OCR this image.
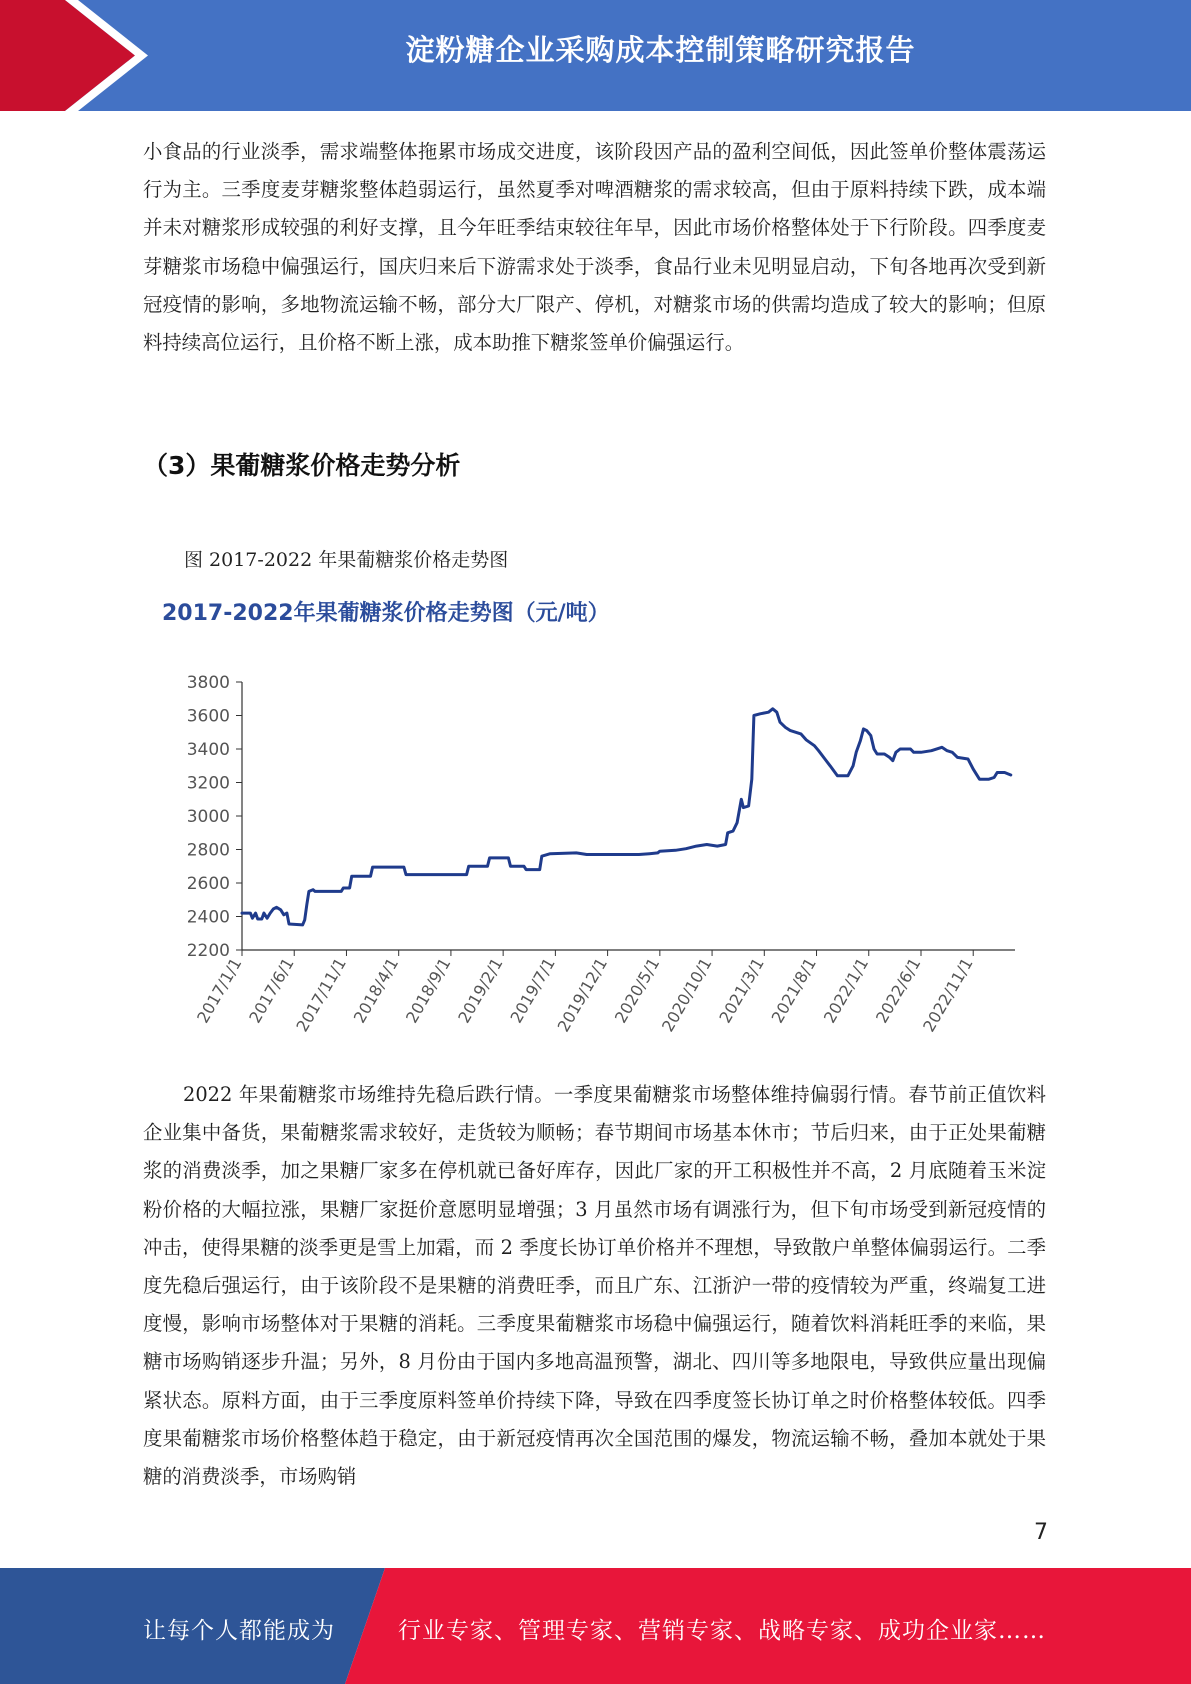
淀粉糖企业采购成本控制策略研究报告

小食品的行业淡季，需求端整体拖累市场成交进度，该阶段因产品的盈利空间低，因此签单价整体震荡运行为主。三季度麦芽糖浆整体趋弱运行，虽然夏季对啤酒糖浆的需求较高，但由于原料持续下跌，成本端并未对糖浆形成较强的利好支撑，且今年旺季结束较往年早，因此市场价格整体处于下行阶段。四季度麦芽糖浆市场稳中偏强运行，国庆归来后下游需求处于淡季，食品行业未见明显启动，下旬各地再次受到新冠疫情的影响，多地物流运输不畅，部分大厂限产、停机，对糖浆市场的供需均造成了较大的影响；但原料持续高位运行，且价格不断上涨，成本助推下糖浆签单价偏强运行。

（3）果葡糖浆价格走势分析
图 2017-2022 年果葡糖浆价格走势图
2017-2022年果葡糖浆价格走势图（元/吨）
2200
2400
2600
2800
3000
3200
3400
3600
3800
2017/1/1 2017/6/1
2017/11/1 2018/4/1 2018/9/1 2019/2/1 2019/7/1
2019/12/1 2020/5/1
2020/10/1 2021/3/1 2021/8/1 2022/1/1 2022/6/1
2022/11/1

2022 年果葡糖浆市场维持先稳后跌行情。一季度果葡糖浆市场整体维持偏弱行情。春节前正值饮料企业集中备货，果葡糖浆需求较好，走货较为顺畅；春节期间市场基本休市；节后归来，由于正处果葡糖浆的消费淡季，加之果糖厂家多在停机就已备好库存，因此厂家的开工积极性并不高，2 月底随着玉米淀粉价格的大幅拉涨，果糖厂家挺价意愿明显增强；3 月虽然市场有调涨行为，但下旬市场受到新冠疫情的冲击，使得果糖的淡季更是雪上加霜，而 2 季度长协订单价格并不理想，导致散户单整体偏弱运行。二季度先稳后强运行，由于该阶段不是果糖的消费旺季，而且广东、江浙沪一带的疫情较为严重，终端复工进度慢，影响市场整体对于果糖的消耗。三季度果葡糖浆市场稳中偏强运行，随着饮料消耗旺季的来临，果糖市场购销逐步升温；另外，8 月份由于国内多地高温预警，湖北、四川等多地限电，导致供应量出现偏紧状态。原料方面，由于三季度原料签单价持续下降，导致在四季度签长协订单之时价格整体较低。四季度果葡糖浆市场价格整体趋于稳定，由于新冠疫情再次全国范围的爆发，物流运输不畅，叠加本就处于果糖的消费淡季，市场购销

7
让每个人都能成为	行业专家、管理专家、营销专家、战略专家、成功企业家……
